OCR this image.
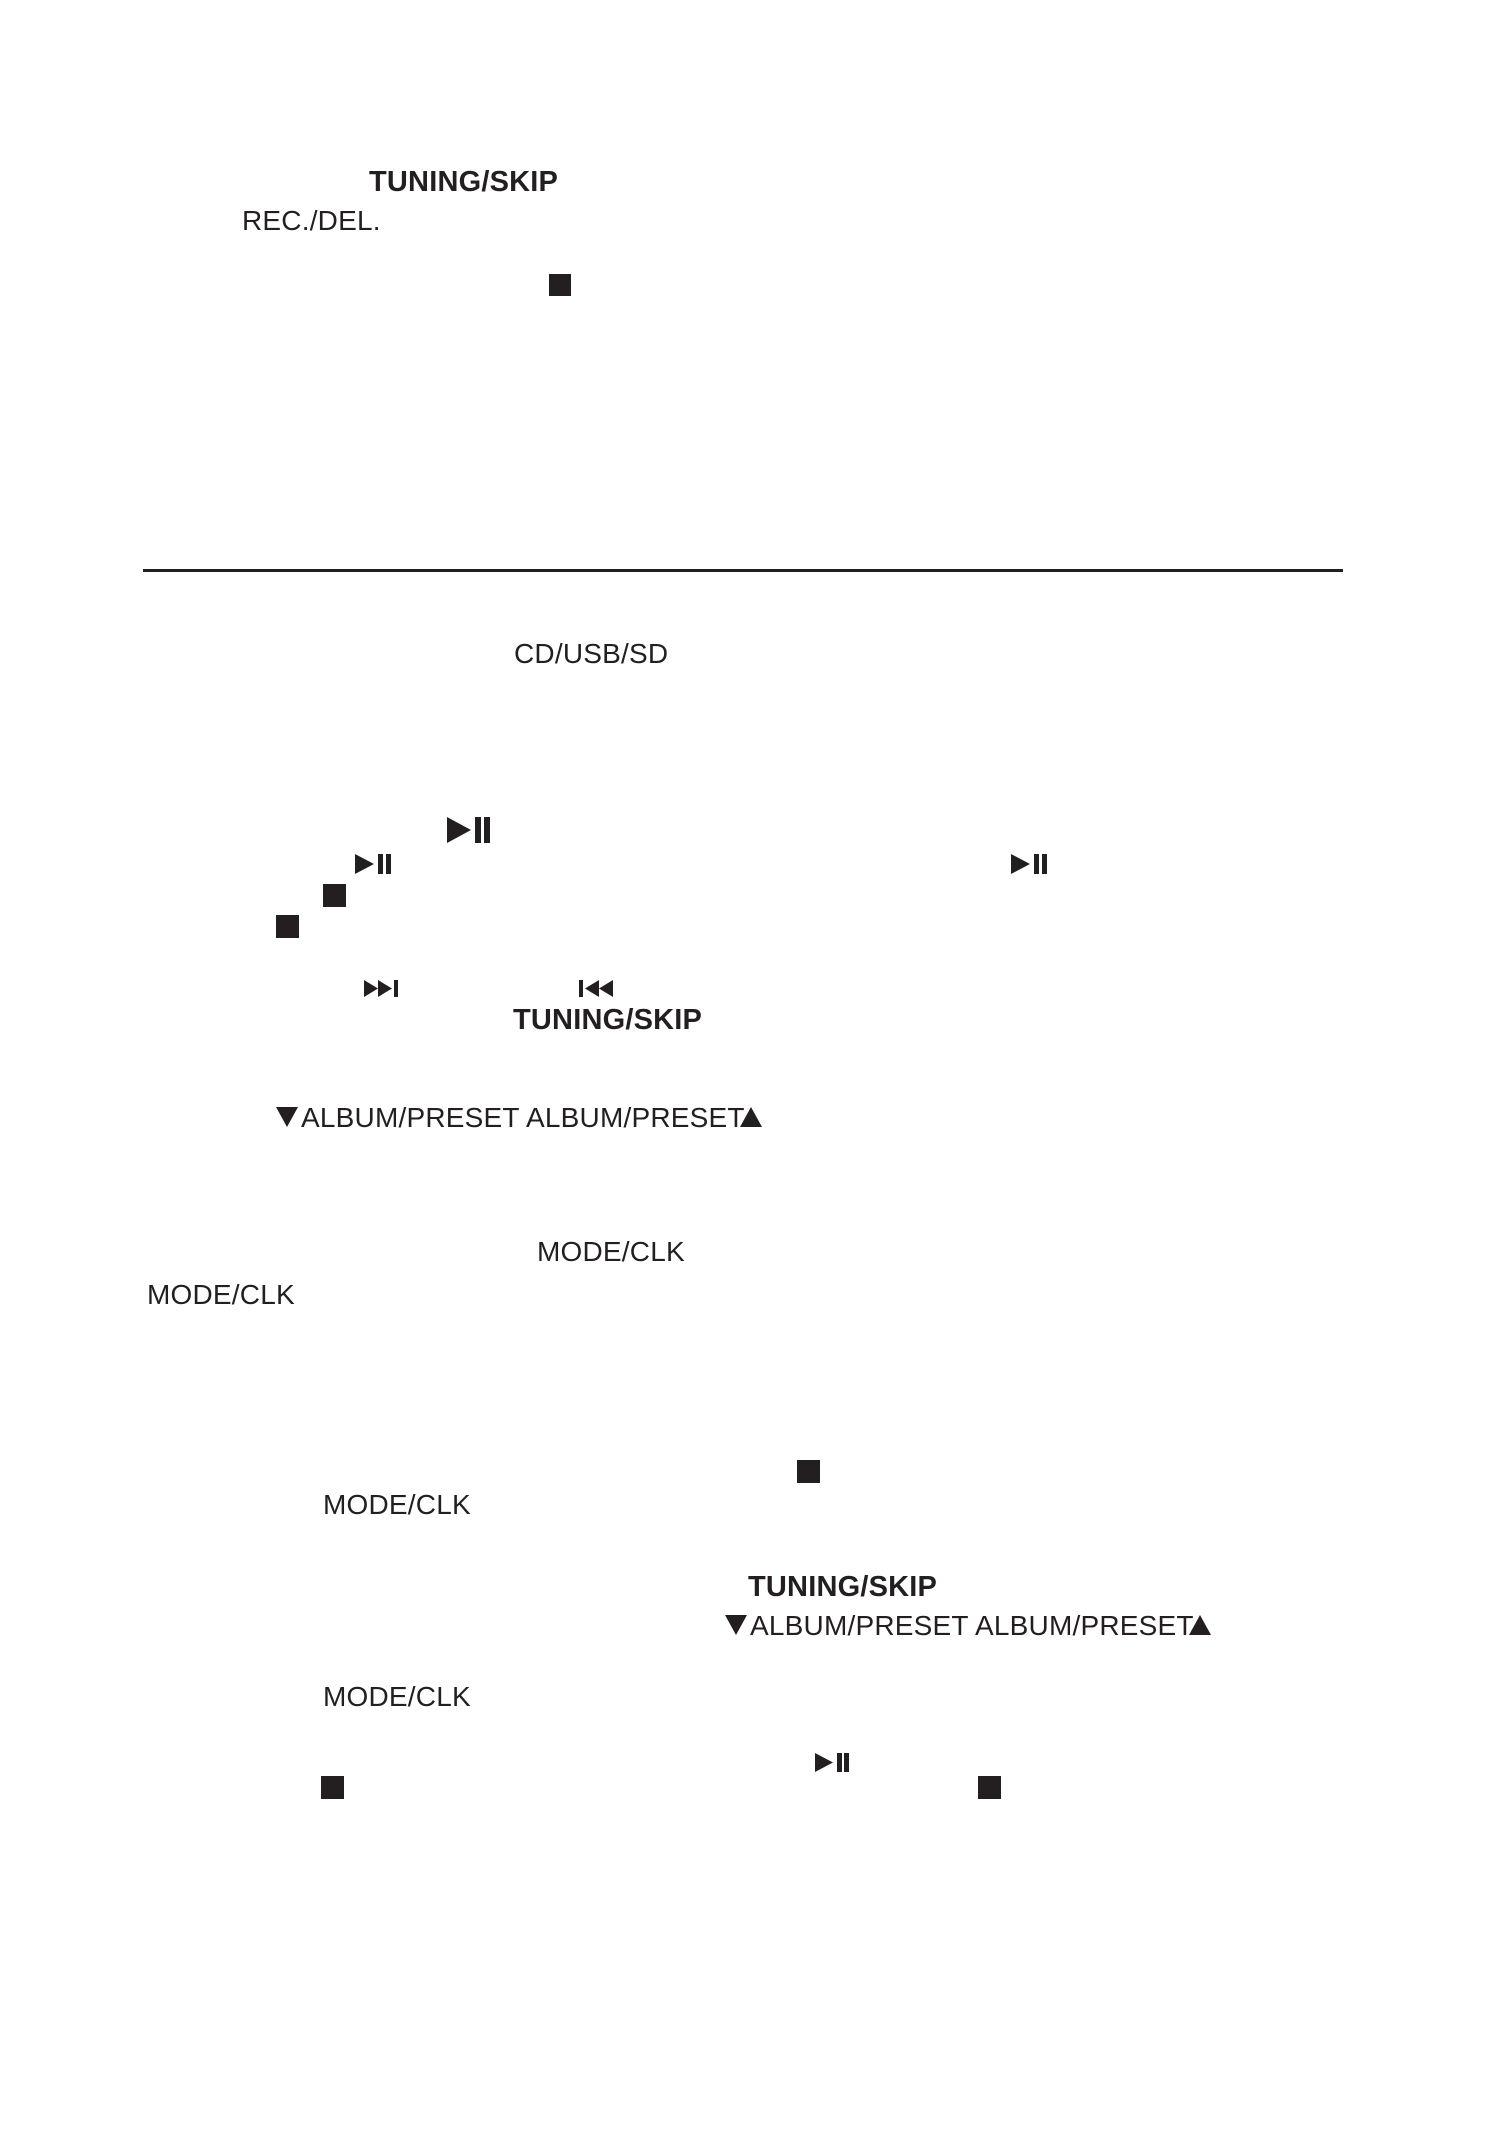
TUNING/SKIP
REC./DEL.
CD/USB/SD
TUNING/SKIP
ALBUM/PRESET ALBUM/PRESET
MODE/CLK
MODE/CLK
MODE/CLK
TUNING/SKIP
ALBUM/PRESET ALBUM/PRESET
MODE/CLK
